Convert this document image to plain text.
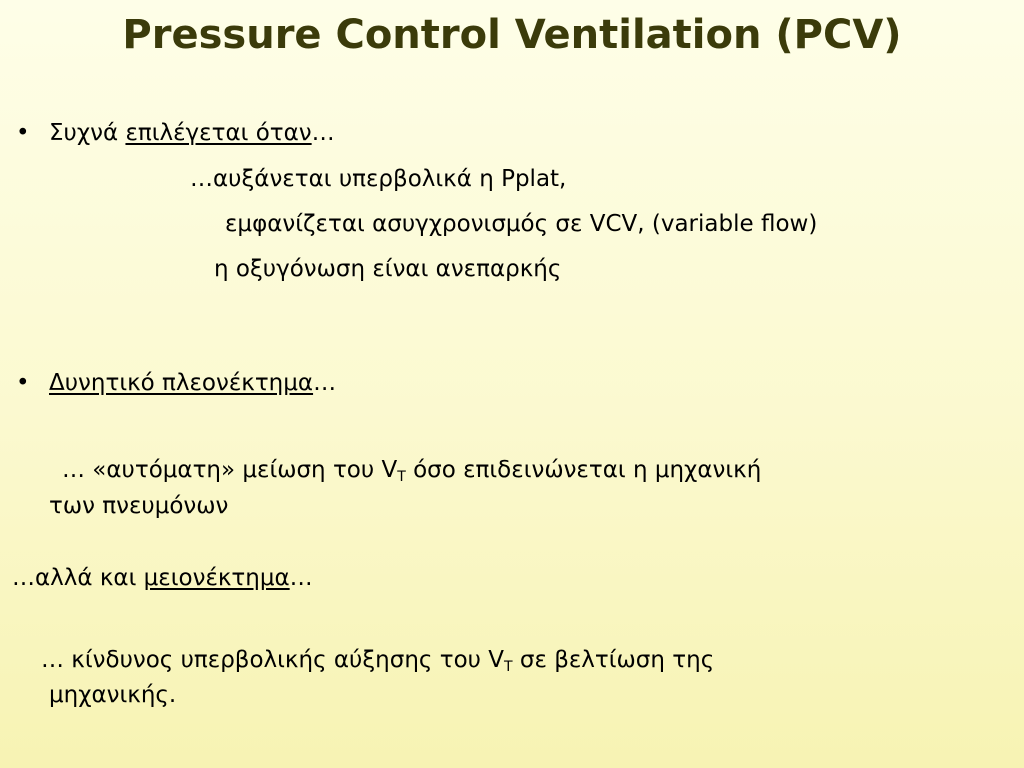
Pressure Control Ventilation (PCV)
• Συχνά επιλέγεται όταν…
…αυξάνεται υπερβολικά η Pplat,
εμφανίζεται ασυγχρονισμός σε VCV, (variable flow)
η οξυγόνωση είναι ανεπαρκής
• Δυνητικό πλεονέκτημα…
… «αυτόματη» μείωση του $V_T$ όσο επιδεινώνεται η μηχανική
των πνευμόνων
…αλλά και μειονέκτημα…
… κίνδυνος υπερβολικής αύξησης του $V_T$ σε βελτίωση της
μηχανικής.
